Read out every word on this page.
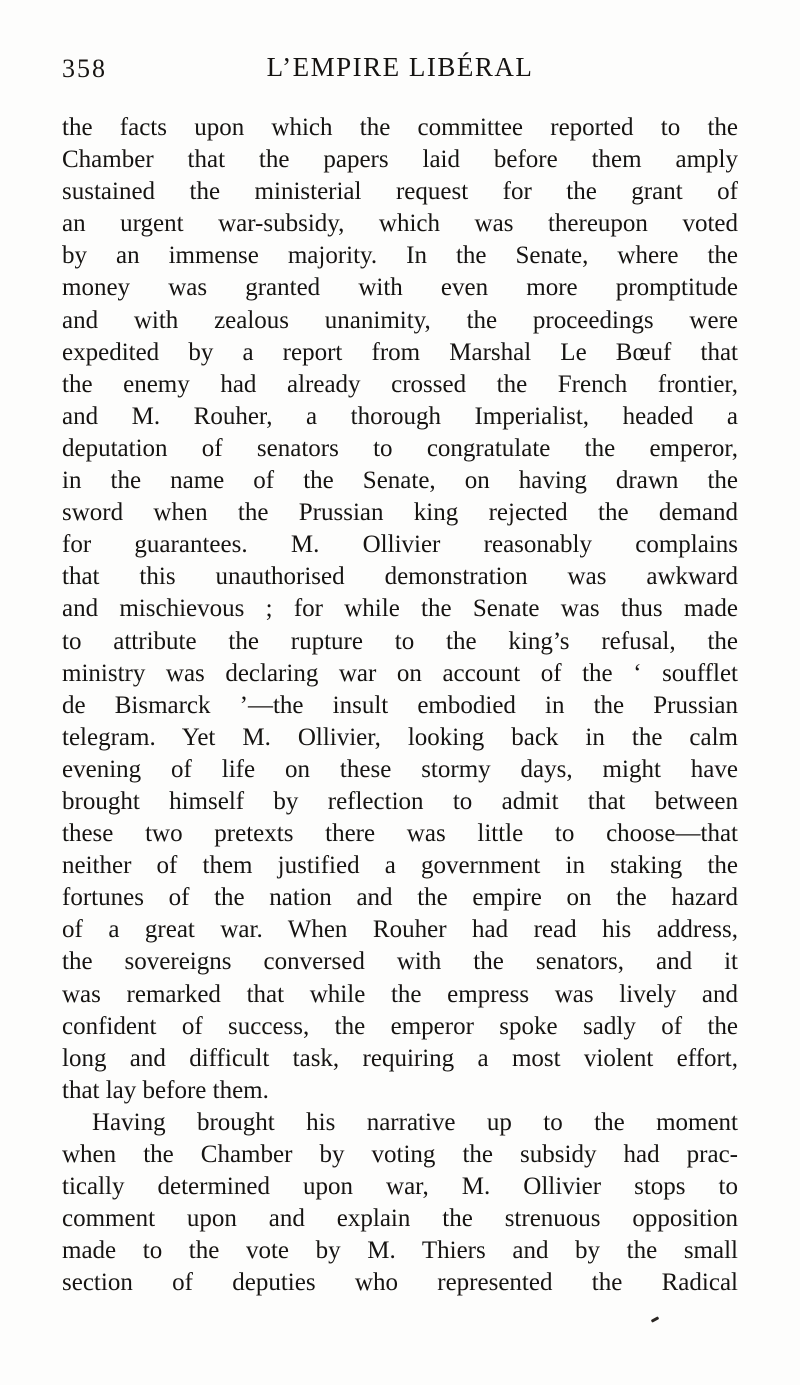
358	L’EMPIRE LIBÉRAL
the facts upon which the committee reported to the
Chamber that the papers laid before them amply
sustained the ministerial request for the grant of
an urgent war-subsidy, which was thereupon voted
by an immense majority. In the Senate, where the
money was granted with even more promptitude
and with zealous unanimity, the proceedings were
expedited by a report from Marshal Le Bœuf that
the enemy had already crossed the French frontier,
and M. Rouher, a thorough Imperialist, headed a
deputation of senators to congratulate the emperor,
in the name of the Senate, on having drawn the
sword when the Prussian king rejected the demand
for guarantees. M. Ollivier reasonably complains
that this unauthorised demonstration was awkward
and mischievous ; for while the Senate was thus made
to attribute the rupture to the king’s refusal, the
ministry was declaring war on account of the ‘ soufflet
de Bismarck ’—the insult embodied in the Prussian
telegram. Yet M. Ollivier, looking back in the calm
evening of life on these stormy days, might have
brought himself by reflection to admit that between
these two pretexts there was little to choose—that
neither of them justified a government in staking the
fortunes of the nation and the empire on the hazard
of a great war. When Rouher had read his address,
the sovereigns conversed with the senators, and it
was remarked that while the empress was lively and
confident of success, the emperor spoke sadly of the
long and difficult task, requiring a most violent effort,
that lay before them.
Having brought his narrative up to the moment
when the Chamber by voting the subsidy had prac-
tically determined upon war, M. Ollivier stops to
comment upon and explain the strenuous opposition
made to the vote by M. Thiers and by the small
section of deputies who represented the Radical
